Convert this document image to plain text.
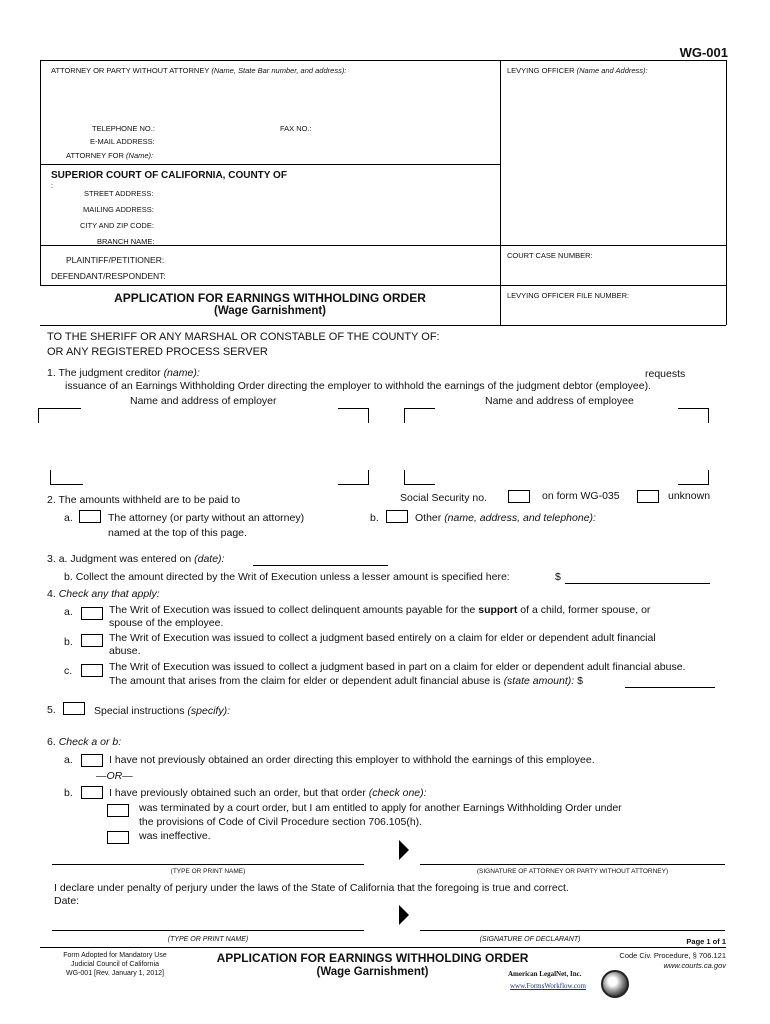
WG-001
ATTORNEY OR PARTY WITHOUT ATTORNEY (Name, State Bar number, and address):	LEVYING OFFICER (Name and Address):
TELEPHONE NO.:	FAX NO.:
E-MAIL ADDRESS:
ATTORNEY FOR (Name):
SUPERIOR COURT OF CALIFORNIA, COUNTY OF
:
STREET ADDRESS:
MAILING ADDRESS:
CITY AND ZIP CODE:
BRANCH NAME:
PLAINTIFF/PETITIONER:
DEFENDANT/RESPONDENT:
COURT CASE NUMBER:
APPLICATION FOR EARNINGS WITHHOLDING ORDER
(Wage Garnishment)
LEVYING OFFICER FILE NUMBER:
TO THE SHERIFF OR ANY MARSHAL OR CONSTABLE OF THE COUNTY OF:
OR ANY REGISTERED PROCESS SERVER
1. The judgment creditor (name):	requests
issuance of an Earnings Withholding Order directing the employer to withhold the earnings of the judgment debtor (employee).
Name and address of employer	Name and address of employee
2. The amounts withheld are to be paid to	Social Security no.	on form WG-035	unknown
a.	The attorney (or party without an attorney)
named at the top of this page.
b.	Other (name, address, and telephone):
3. a. Judgment was entered on (date):
b. Collect the amount directed by the Writ of Execution unless a lesser amount is specified here:	$
4. Check any that apply:
a.	The Writ of Execution was issued to collect delinquent amounts payable for the support of a child, former spouse, or
spouse of the employee.
b.	The Writ of Execution was issued to collect a judgment based entirely on a claim for elder or dependent adult financial
abuse.
c.	The Writ of Execution was issued to collect a judgment based in part on a claim for elder or dependent adult financial abuse.
The amount that arises from the claim for elder or dependent adult financial abuse is (state amount): $
5.	Special instructions (specify):
6. Check a or b:
a.	I have not previously obtained an order directing this employer to withhold the earnings of this employee.
—OR—
b.	I have previously obtained such an order, but that order (check one):
was terminated by a court order, but I am entitled to apply for another Earnings Withholding Order under
the provisions of Code of Civil Procedure section 706.105(h).
was ineffective.
(TYPE OR PRINT NAME)	(SIGNATURE OF ATTORNEY OR PARTY WITHOUT ATTORNEY)
I declare under penalty of perjury under the laws of the State of California that the foregoing is true and correct.
Date:
(TYPE OR PRINT NAME)	(SIGNATURE OF DECLARANT)	Page 1 of 1
Form Adopted for Mandatory Use
Judicial Council of California
WG-001 [Rev. January 1, 2012]
APPLICATION FOR EARNINGS WITHHOLDING ORDER
(Wage Garnishment)
Code Civ. Procedure, § 706.121
www.courts.ca.gov
American LegalNet, Inc.
www.FormsWorkflow.com
